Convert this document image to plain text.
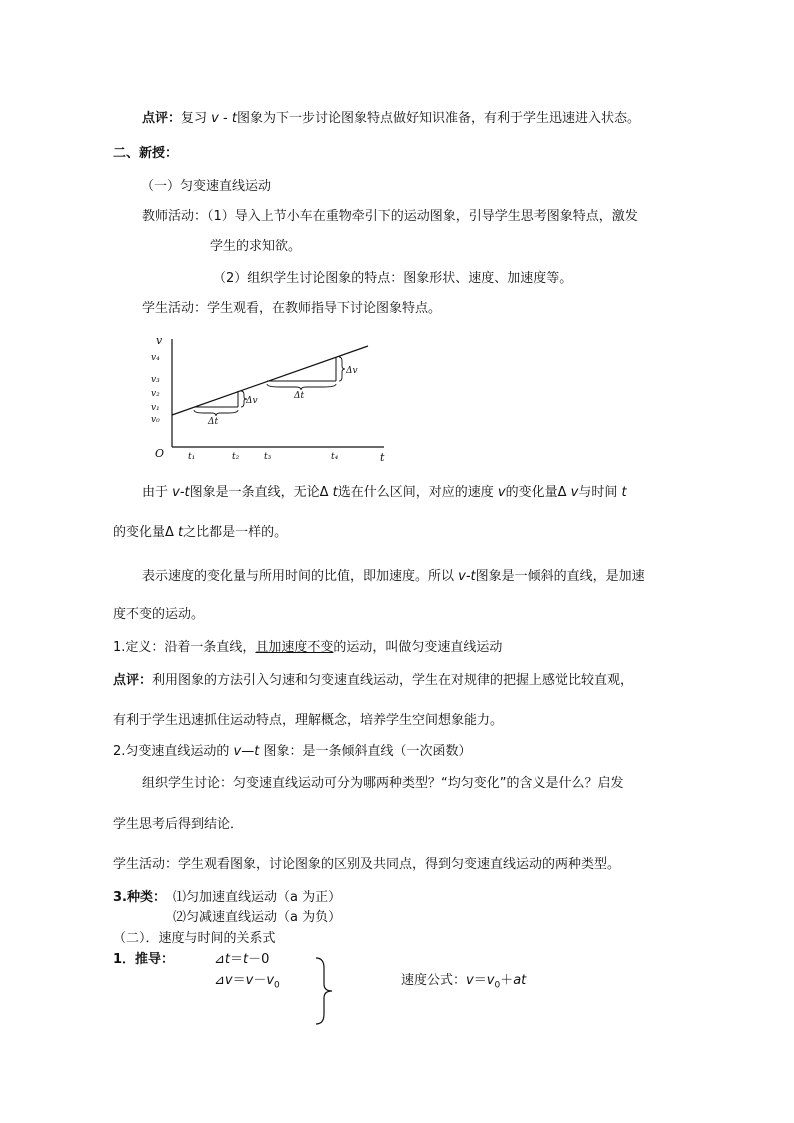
点评：复习 v - t图象为下一步讨论图象特点做好知识准备，有利于学生迅速进入状态。
二、新授：
（一）匀变速直线运动
教师活动：（1）导入上节小车在重物牵引下的运动图象，引导学生思考图象特点，激发
学生的求知欲。
（2）组织学生讨论图象的特点：图象形状、速度、加速度等。
学生活动：学生观看，在教师指导下讨论图象特点。
v
t
O
v₄
v₃
v₂
v₁
v₀
t₁	t₂	t₃	t₄
Δv
Δt
Δv
Δt
由于 v-t图象是一条直线，无论Δ t选在什么区间，对应的速度 v的变化量Δ v与时间 t
的变化量Δ t之比都是一样的。
表示速度的变化量与所用时间的比值，即加速度。所以 v-t图象是一倾斜的直线，是加速
度不变的运动。
1.定义：沿着一条直线，且加速度不变的运动，叫做匀变速直线运动
点评：利用图象的方法引入匀速和匀变速直线运动，学生在对规律的把握上感觉比较直观，
有利于学生迅速抓住运动特点，理解概念，培养学生空间想象能力。
2.匀变速直线运动的 v—t 图象：是一条倾斜直线（一次函数）
组织学生讨论：匀变速直线运动可分为哪两种类型？“均匀变化”的含义是什么？启发
学生思考后得到结论．
学生活动：学生观看图象，讨论图象的区别及共同点，得到匀变速直线运动的两种类型。
3.种类： ⑴匀加速直线运动（a 为正）
⑵匀减速直线运动（a 为负）
（二）．速度与时间的关系式
1．推导：	⊿t＝t－0
$⊿v=v-v_0$	速度公式：$v=v_0+at$
